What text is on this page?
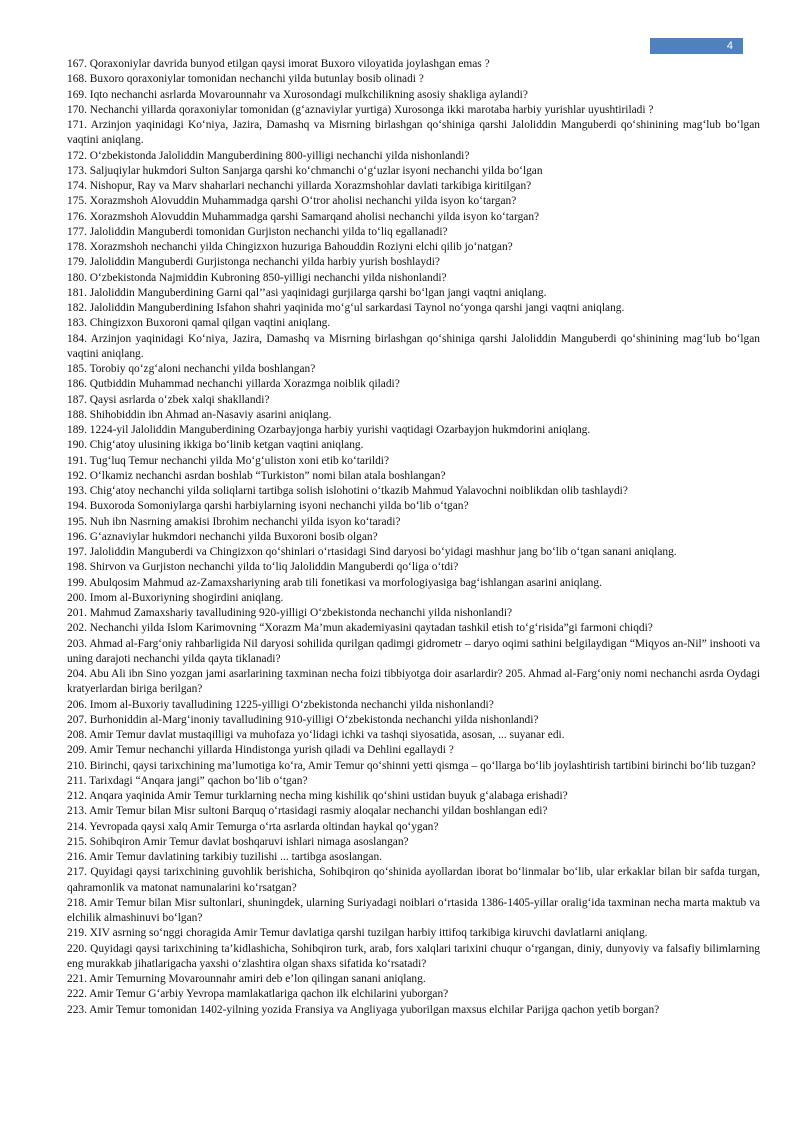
4

167. Qoraxoniylar davrida bunyod etilgan qaysi imorat Buxoro viloyatida joylashgan emas ?

168. Buxoro qoraxoniylar tomonidan nechanchi yilda butunlay bosib olinadi ?

169. Iqto nechanchi asrlarda Movarounnahr va Xurosondagi mulkchilikning asosiy shakliga aylandi?

170. Nechanchi yillarda qoraxoniylar tomonidan (g‘aznaviylar yurtiga) Xurosonga ikki marotaba harbiy yurishlar uyushtiriladi ?

171. Arzinjon yaqinidagi Ko‘niya, Jazira, Damashq va Misrning birlashgan qo‘shiniga qarshi Jaloliddin Manguberdi qo‘shinining mag‘lub bo‘lgan vaqtini aniqlang.

172. O‘zbekistonda Jaloliddin Manguberdining 800-yilligi nechanchi yilda nishonlandi?

173. Saljuqiylar hukmdori Sulton Sanjarga qarshi ko‘chmanchi o‘g‘uzlar isyoni nechanchi yilda bo‘lgan

174. Nishopur, Ray va Marv shaharlari nechanchi yillarda Xorazmshohlar davlati tarkibiga kiritilgan?

175. Xorazmshoh Alovuddin Muhammadga qarshi O‘tror aholisi nechanchi yilda isyon ko‘targan?

176. Xorazmshoh Alovuddin Muhammadga qarshi Samarqand aholisi nechanchi yilda isyon ko‘targan?

177. Jaloliddin Manguberdi tomonidan Gurjiston nechanchi yilda to‘liq egallanadi?

178. Xorazmshoh nechanchi yilda Chingizxon huzuriga Bahouddin Roziyni elchi qilib jo‘natgan?

179. Jaloliddin Manguberdi Gurjistonga nechanchi yilda harbiy yurish boshlaydi?

180. O‘zbekistonda Najmiddin Kubroning 850-yilligi nechanchi yilda nishonlandi?

181. Jaloliddin Manguberdining Garni qal’’asi yaqinidagi gurjilarga qarshi bo‘lgan jangi vaqtni aniqlang.

182. Jaloliddin Manguberdining Isfahon shahri yaqinida mo‘g‘ul sarkardasi Taynol no‘yonga qarshi jangi vaqtni aniqlang.

183. Chingizxon Buxoroni qamal qilgan vaqtini aniqlang.

184. Arzinjon yaqinidagi Ko‘niya, Jazira, Damashq va Misrning birlashgan qo‘shiniga qarshi Jaloliddin Manguberdi qo‘shinining mag‘lub bo‘lgan vaqtini aniqlang.

185. Torobiy qo‘zg‘aloni nechanchi yilda boshlangan?

186. Qutbiddin Muhammad nechanchi yillarda Xorazmga noiblik qiladi?

187. Qaysi asrlarda o‘zbek xalqi shakllandi?

188. Shihobiddin ibn Ahmad an-Nasaviy asarini aniqlang.

189. 1224-yil Jaloliddin Manguberdining Ozarbayjonga harbiy yurishi vaqtidagi Ozarbayjon hukmdorini aniqlang.

190. Chig‘atoy ulusining ikkiga bo‘linib ketgan vaqtini aniqlang.

191. Tug‘luq Temur nechanchi yilda Mo‘g‘uliston xoni etib ko‘tarildi?

192. O‘lkamiz nechanchi asrdan boshlab “Turkiston” nomi bilan atala boshlangan?

193. Chig‘atoy nechanchi yilda soliqlarni tartibga solish islohotini o‘tkazib Mahmud Yalavochni noiblikdan olib tashlaydi?

194. Buxoroda Somoniylarga qarshi harbiylarning isyoni nechanchi yilda bo‘lib o‘tgan?

195. Nuh ibn Nasrning amakisi Ibrohim nechanchi yilda isyon ko‘taradi?

196. G‘aznaviylar hukmdori nechanchi yilda Buxoroni bosib olgan?

197. Jaloliddin Manguberdi va Chingizxon qo‘shinlari o‘rtasidagi Sind daryosi bo‘yidagi mashhur jang bo‘lib o‘tgan sanani aniqlang.

198. Shirvon va Gurjiston nechanchi yilda to‘liq Jaloliddin Manguberdi qo‘liga o‘tdi?

199. Abulqosim Mahmud az-Zamaxshariyning arab tili fonetikasi va morfologiyasiga bag‘ishlangan asarini aniqlang.

200. Imom al-Buxoriyning shogirdini aniqlang.

201. Mahmud Zamaxshariy tavalludining 920-yilligi O‘zbekistonda nechanchi yilda nishonlandi?

202. Nechanchi yilda Islom Karimovning “Xorazm Ma’mun akademiyasini qaytadan tashkil etish to‘g‘risida”gi farmoni chiqdi?

203. Ahmad al-Farg‘oniy rahbarligida Nil daryosi sohilida qurilgan qadimgi gidrometr – daryo oqimi sathini belgilaydigan “Miqyos an-Nil” inshooti va uning darajoti nechanchi yilda qayta tiklanadi?

204. Abu Ali ibn Sino yozgan jami asarlarining taxminan necha foizi tibbiyotga doir asarlardir? 205. Ahmad al-Farg‘oniy nomi nechanchi asrda Oydagi kratyerlardan biriga berilgan?

206. Imom al-Buxoriy tavalludining 1225-yilligi O‘zbekistonda nechanchi yilda nishonlandi?

207. Burhoniddin al-Marg‘inoniy tavalludining 910-yilligi O‘zbekistonda nechanchi yilda nishonlandi?

208. Amir Temur davlat mustaqilligi va muhofaza yo‘lidagi ichki va tashqi siyosatida, asosan, ... suyanar edi.

209. Amir Temur nechanchi yillarda Hindistonga yurish qiladi va Dehlini egallaydi ?

210. Birinchi, qaysi tarixchining ma’lumotiga ko‘ra, Amir Temur qo‘shinni yetti qismga – qo‘llarga bo‘lib joylashtirish tartibini birinchi bo‘lib tuzgan?

211. Tarixdagi “Anqara jangi” qachon bo‘lib o‘tgan?

212. Anqara yaqinida Amir Temur turklarning necha ming kishilik qo‘shini ustidan buyuk g‘alabaga erishadi?

213. Amir Temur bilan Misr sultoni Barquq o‘rtasidagi rasmiy aloqalar nechanchi yildan boshlangan edi?

214. Yevropada qaysi xalq Amir Temurga o‘rta asrlarda oltindan haykal qo‘ygan?

215. Sohibqiron Amir Temur davlat boshqaruvi ishlari nimaga asoslangan?

216. Amir Temur davlatining tarkibiy tuzilishi ... tartibga asoslangan.

217. Quyidagi qaysi tarixchining guvohlik berishicha, Sohibqiron qo‘shinida ayollardan iborat bo‘linmalar bo‘lib, ular erkaklar bilan bir safda turgan, qahramonlik va matonat namunalarini ko‘rsatgan?

218. Amir Temur bilan Misr sultonlari, shuningdek, ularning Suriyadagi noiblari o‘rtasida 1386-1405-yillar oralig‘ida taxminan necha marta maktub va elchilik almashinuvi bo‘lgan?

219. XIV asrning so‘nggi choragida Amir Temur davlatiga qarshi tuzilgan harbiy ittifoq tarkibiga kiruvchi davlatlarni aniqlang.

220. Quyidagi qaysi tarixchining ta’kidlashicha, Sohibqiron turk, arab, fors xalqlari tarixini chuqur o‘rgangan, diniy, dunyoviy va falsafiy bilimlarning eng murakkab jihatlarigacha yaxshi o‘zlashtira olgan shaxs sifatida ko‘rsatadi?

221. Amir Temurning Movarounnahr amiri deb e’lon qilingan sanani aniqlang.

222. Amir Temur G‘arbiy Yevropa mamlakatlariga qachon ilk elchilarini yuborgan?

223. Amir Temur tomonidan 1402-yilning yozida Fransiya va Angliyaga yuborilgan maxsus elchilar Parijga qachon yetib borgan?
